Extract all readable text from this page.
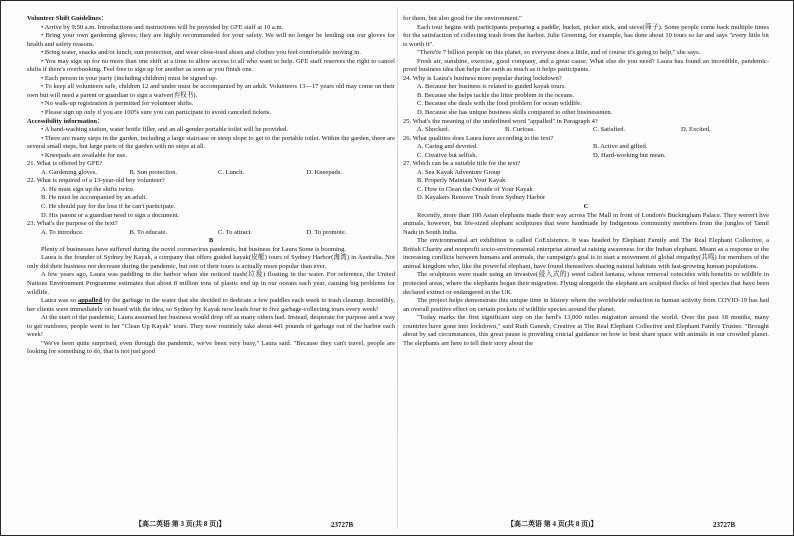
Volunteer Shift Guidelines：

• Arrive by 9:50 a.m. Introductions and instructions will be provided by GFE staff at 10 a.m.

• Bring your own gardening gloves; they are highly recommended for your safety. We will no longer be lending out our gloves for health and safety reasons.

• Bring water, snacks and/or lunch, sun protection, and wear close-toed shoes and clothes you feel comfortable moving in.

• You may sign up for no more than one shift at a time to allow access to all who want to help. GFE staff reserves the right to cancel shifts if there's overbooking. Feel free to sign up for another as soon as you finish one.

• Each person in your party (including children) must be signed up.

• To keep all volunteers safe, children 12 and under must be accompanied by an adult. Volunteers 13—17 years old may come on their own but will need a parent or guardian to sign a waiver(弃权书).

• No walk-up registration is permitted for volunteer shifts.

• Please sign up only if you are 100% sure you can participate to avoid canceled tickets.

Accessibility information：

• A hand-washing station, water bottle filler, and an all-gender portable toilet will be provided.

• There are many steps in the garden, including a large staircase or steep slope to get to the portable toilet. Within the garden, there are several small steps, but large parts of the garden with no steps at all.

• Kneepads are available for use.

21. What is offered by GFE?

A. Gardening gloves.	B. Sun protection.	C. Lunch.	D. Kneepads.

22. What is required of a 13-year-old boy volunteer?

A. He must sign up the shifts twice.

B. He must be accompanied by an adult.

C. He should pay for the loss if he can't participate.

D. His parent or a guardian need to sign a document.

23. What's the purpose of the text?

A. To introduce.	B. To educate.	C. To attract.	D. To promote.

B

Plenty of businesses have suffered during the novel coronavirus pandemic, but business for Laura Stone is booming.

Laura is the founder of Sydney by Kayak, a company that offers guided kayak(皮艇) tours of Sydney Harbor(海湾) in Australia. Not only did their business not decrease during the pandemic, but one of their tours is actually more popular than ever.

A few years ago, Laura was paddling in the harbor when she noticed trash(垃圾) floating in the water. For reference, the United Nations Environment Programme estimates that about 8 million tons of plastic end up in our oceans each year, causing big problems for wildlife.

Laura was so appalled by the garbage in the water that she decided to dedicate a few paddles each week to trash cleanup. Incredibly, her clients were immediately on board with the idea, so Sydney by Kayak now leads four to five garbage-collecting tours every week!

At the start of the pandemic, Laura assumed her business would drop off as many others had. Instead, desperate for purpose and a way to get outdoors, people went to her "Clean Up Kayak" tours. They now routinely take about 441 pounds of garbage out of the harbor each week!

"We've been quite surprised, even through the pandemic, we've been very busy," Laura said. "Because they can't travel, people are looking for something to do, that is not just good

for them, but also good for the environment."

Each tour begins with participants preparing a paddle, bucket, picker stick, and sieve(筛子). Some people come back multiple times for the satisfaction of collecting trash from the harbor. Julie Greening, for example, has done about 10 tours so far and says "every little bit is worth it".

"There're 7 billion people on this planet, so everyone does a little, and of course it's going to help," she says.

Fresh air, sunshine, exercise, good company, and a great cause. What else do you need? Laura has found an incredible, pandemic-proof business idea that helps the earth as much as it helps participants.

24. Why is Laura's business more popular during lockdown?

A. Because her business is related to guided kayak tours.

B. Because she helps tackle the litter problem in the oceans.

C. Because she deals with the food problem for ocean wildlife.

D. Because she has unique business skills compared to other businessmen.

25. What's the meaning of the underlined word "appalled" in Paragraph 4?

A. Shocked.	B. Curious.	C. Satisfied.	D. Excited.

26. What qualities does Laura have according to the text?

A. Caring and devoted.	B. Active and gifted.
C. Creative but selfish.	D. Hard-working but mean.

27. Which can be a suitable title for the text?

A. Sea Kayak Adventure Group

B. Properly Maintain Your Kayak

C. How to Clean the Outside of Your Kayak

D. Kayakers Remove Trash from Sydney Harbor

C

Recently, more than 100 Asian elephants made their way across The Mall in front of London's Buckingham Palace. They weren't live animals, however, but life-sized elephant sculptures that were handmade by Indigenous community members from the jungles of Tamil Nadu in South India.

The environmental art exhibition is called CoExistence. It was headed by Elephant Family and The Real Elephant Collective, a British Charity and nonprofit socio-environmental enterprise aimed at raising awareness for the Indian elephant. Meant as a response to the increasing conflicts between humans and animals, the campaign's goal is to start a movement of global empathy(共鸣) for members of the animal kingdom who, like the powerful elephant, have found themselves sharing natural habitats with fast-growing human populations.

The sculptures were made using an invasive(侵入式的) weed called lantana, whose removal coincides with benefits to wildlife in protected areas, where the elephants began their migration. Flying alongside the elephant are sculpted flocks of bird species that have been declared extinct or endangered in the UK.

The project helps demonstrate this unique time in history where the worldwide reduction in human activity from COVID-19 has had an overall positive effect on certain pockets of wildlife species around the planet.

"Today marks the first significant step on the herd's 13,000 miles migration around the world. Over the past 18 months, many countries have gone into lockdown," said Ruth Ganesh, Creative at The Real Elephant Collective and Elephant Family Trustee. "Brought about by sad circumstances, this great pause is providing crucial guidance on how to best share space with animals in our crowded planet. The elephants are here to tell their story about the

【高二英语 第 3 页(共 8 页)】	23727B	【高二英语 第 4 页(共 8 页)】	23727B
